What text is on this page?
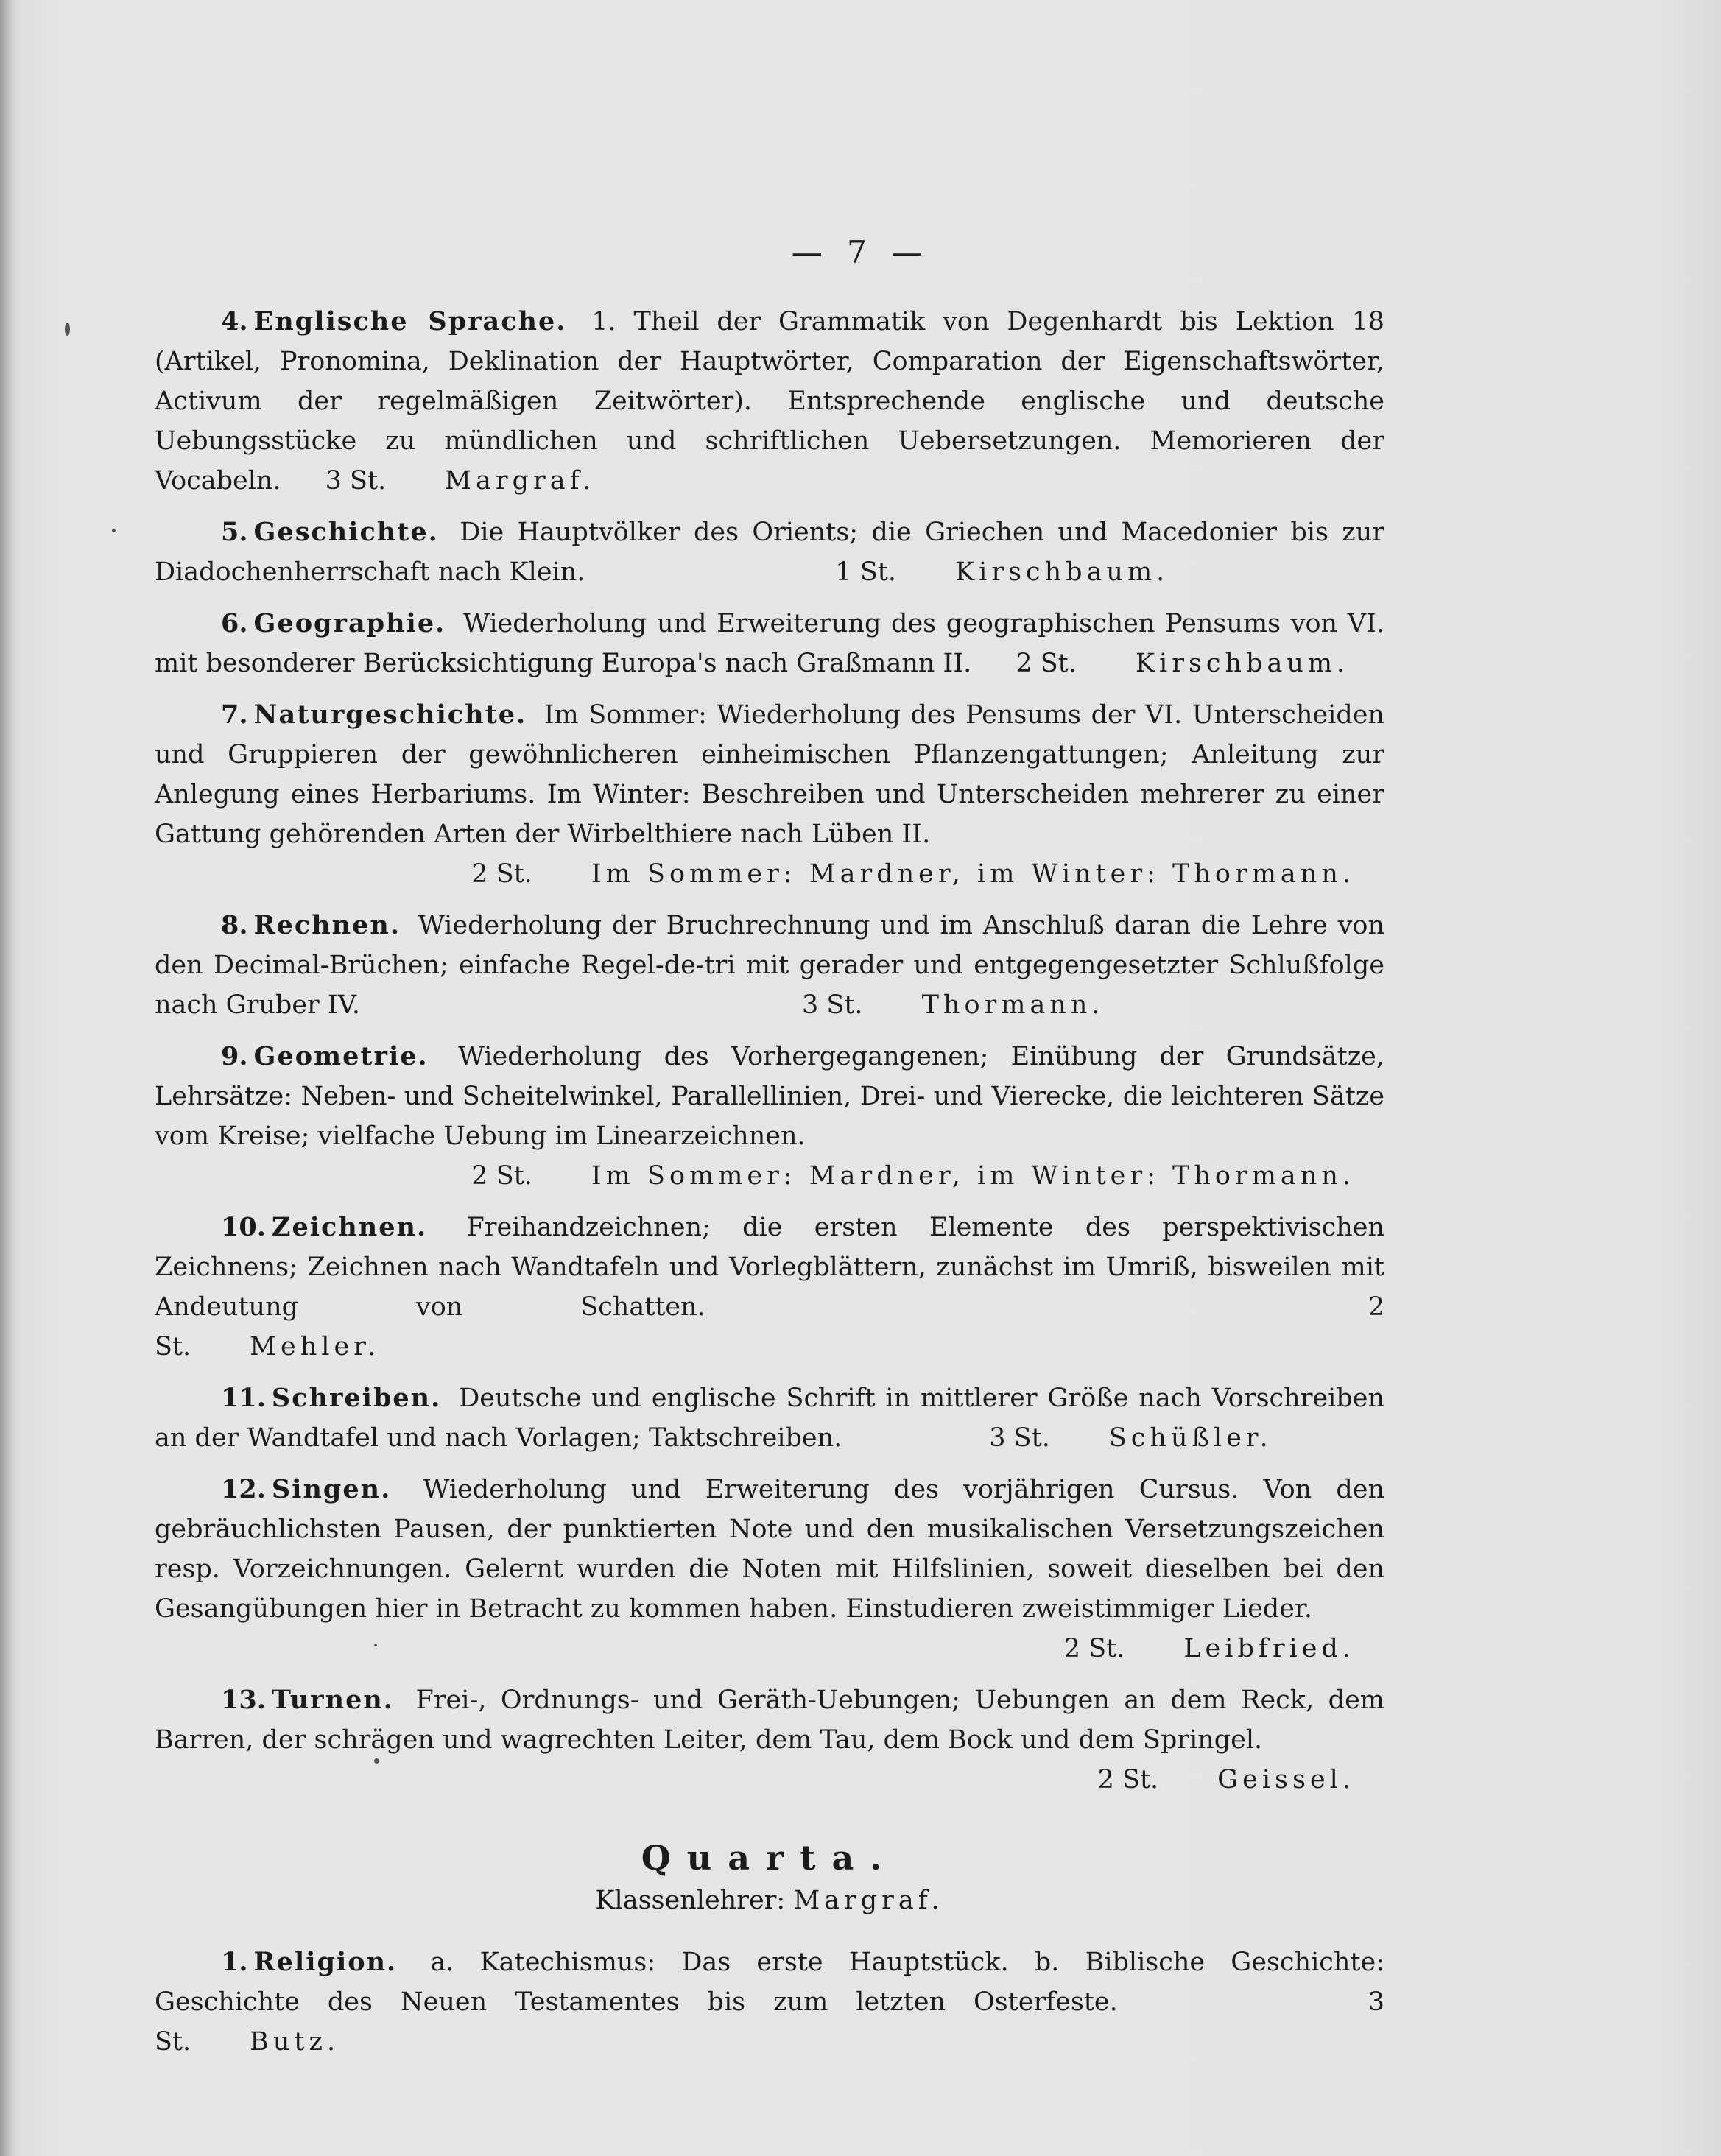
— 7 —
4. Englische Sprache. 1. Theil der Grammatik von Degenhardt bis Lektion 18 (Artikel, Pronomina, Deklination der Hauptwörter, Comparation der Eigenschaftswörter, Activum der regelmäßigen Zeitwörter). Entsprechende englische und deutsche Uebungsstücke zu mündlichen und schriftlichen Uebersetzungen. Memorieren der Vocabeln. 3 St. Margraf.
5. Geschichte. Die Hauptvölker des Orients; die Griechen und Macedonier bis zur Diadochenherrschaft nach Klein.	1 St. Kirschbaum.
6. Geographie. Wiederholung und Erweiterung des geographischen Pensums von VI. mit besonderer Berücksichtigung Europa's nach Graßmann II. 2 St. Kirschbaum.
7. Naturgeschichte. Im Sommer: Wiederholung des Pensums der VI. Unterscheiden und Gruppieren der gewöhnlicheren einheimischen Pflanzengattungen; Anleitung zur Anlegung eines Herbariums. Im Winter: Beschreiben und Unterscheiden mehrerer zu einer Gattung gehörenden Arten der Wirbelthiere nach Lüben II.
2 St. Im Sommer: Mardner, im Winter: Thormann.
8. Rechnen. Wiederholung der Bruchrechnung und im Anschluß daran die Lehre von den Decimal-Brüchen; einfache Regel-de-tri mit gerader und entgegengesetzter Schlußfolge nach Gruber IV.	3 St. Thormann.
9. Geometrie. Wiederholung des Vorhergegangenen; Einübung der Grundsätze, Lehrsätze: Neben- und Scheitelwinkel, Parallellinien, Drei- und Vierecke, die leichteren Sätze vom Kreise; vielfache Uebung im Linearzeichnen.
2 St. Im Sommer: Mardner, im Winter: Thormann.
10. Zeichnen. Freihandzeichnen; die ersten Elemente des perspektivischen Zeichnens; Zeichnen nach Wandtafeln und Vorlegblättern, zunächst im Umriß, bisweilen mit Andeutung von Schatten.	2 St. Mehler.
11. Schreiben. Deutsche und englische Schrift in mittlerer Größe nach Vorschreiben an der Wandtafel und nach Vorlagen; Taktschreiben.	3 St. Schüßler.
12. Singen. Wiederholung und Erweiterung des vorjährigen Cursus. Von den gebräuchlichsten Pausen, der punktierten Note und den musikalischen Versetzungszeichen resp. Vorzeichnungen. Gelernt wurden die Noten mit Hilfslinien, soweit dieselben bei den Gesangübungen hier in Betracht zu kommen haben. Einstudieren zweistimmiger Lieder.
2 St. Leibfried.
13. Turnen. Frei-, Ordnungs- und Geräth-Uebungen; Uebungen an dem Reck, dem Barren, der schrägen und wagrechten Leiter, dem Tau, dem Bock und dem Springel.
2 St. Geissel.
Quarta.
Klassenlehrer: Margraf.
1. Religion. a. Katechismus: Das erste Hauptstück. b. Biblische Geschichte: Geschichte des Neuen Testamentes bis zum letzten Osterfeste.	3 St. Butz.
